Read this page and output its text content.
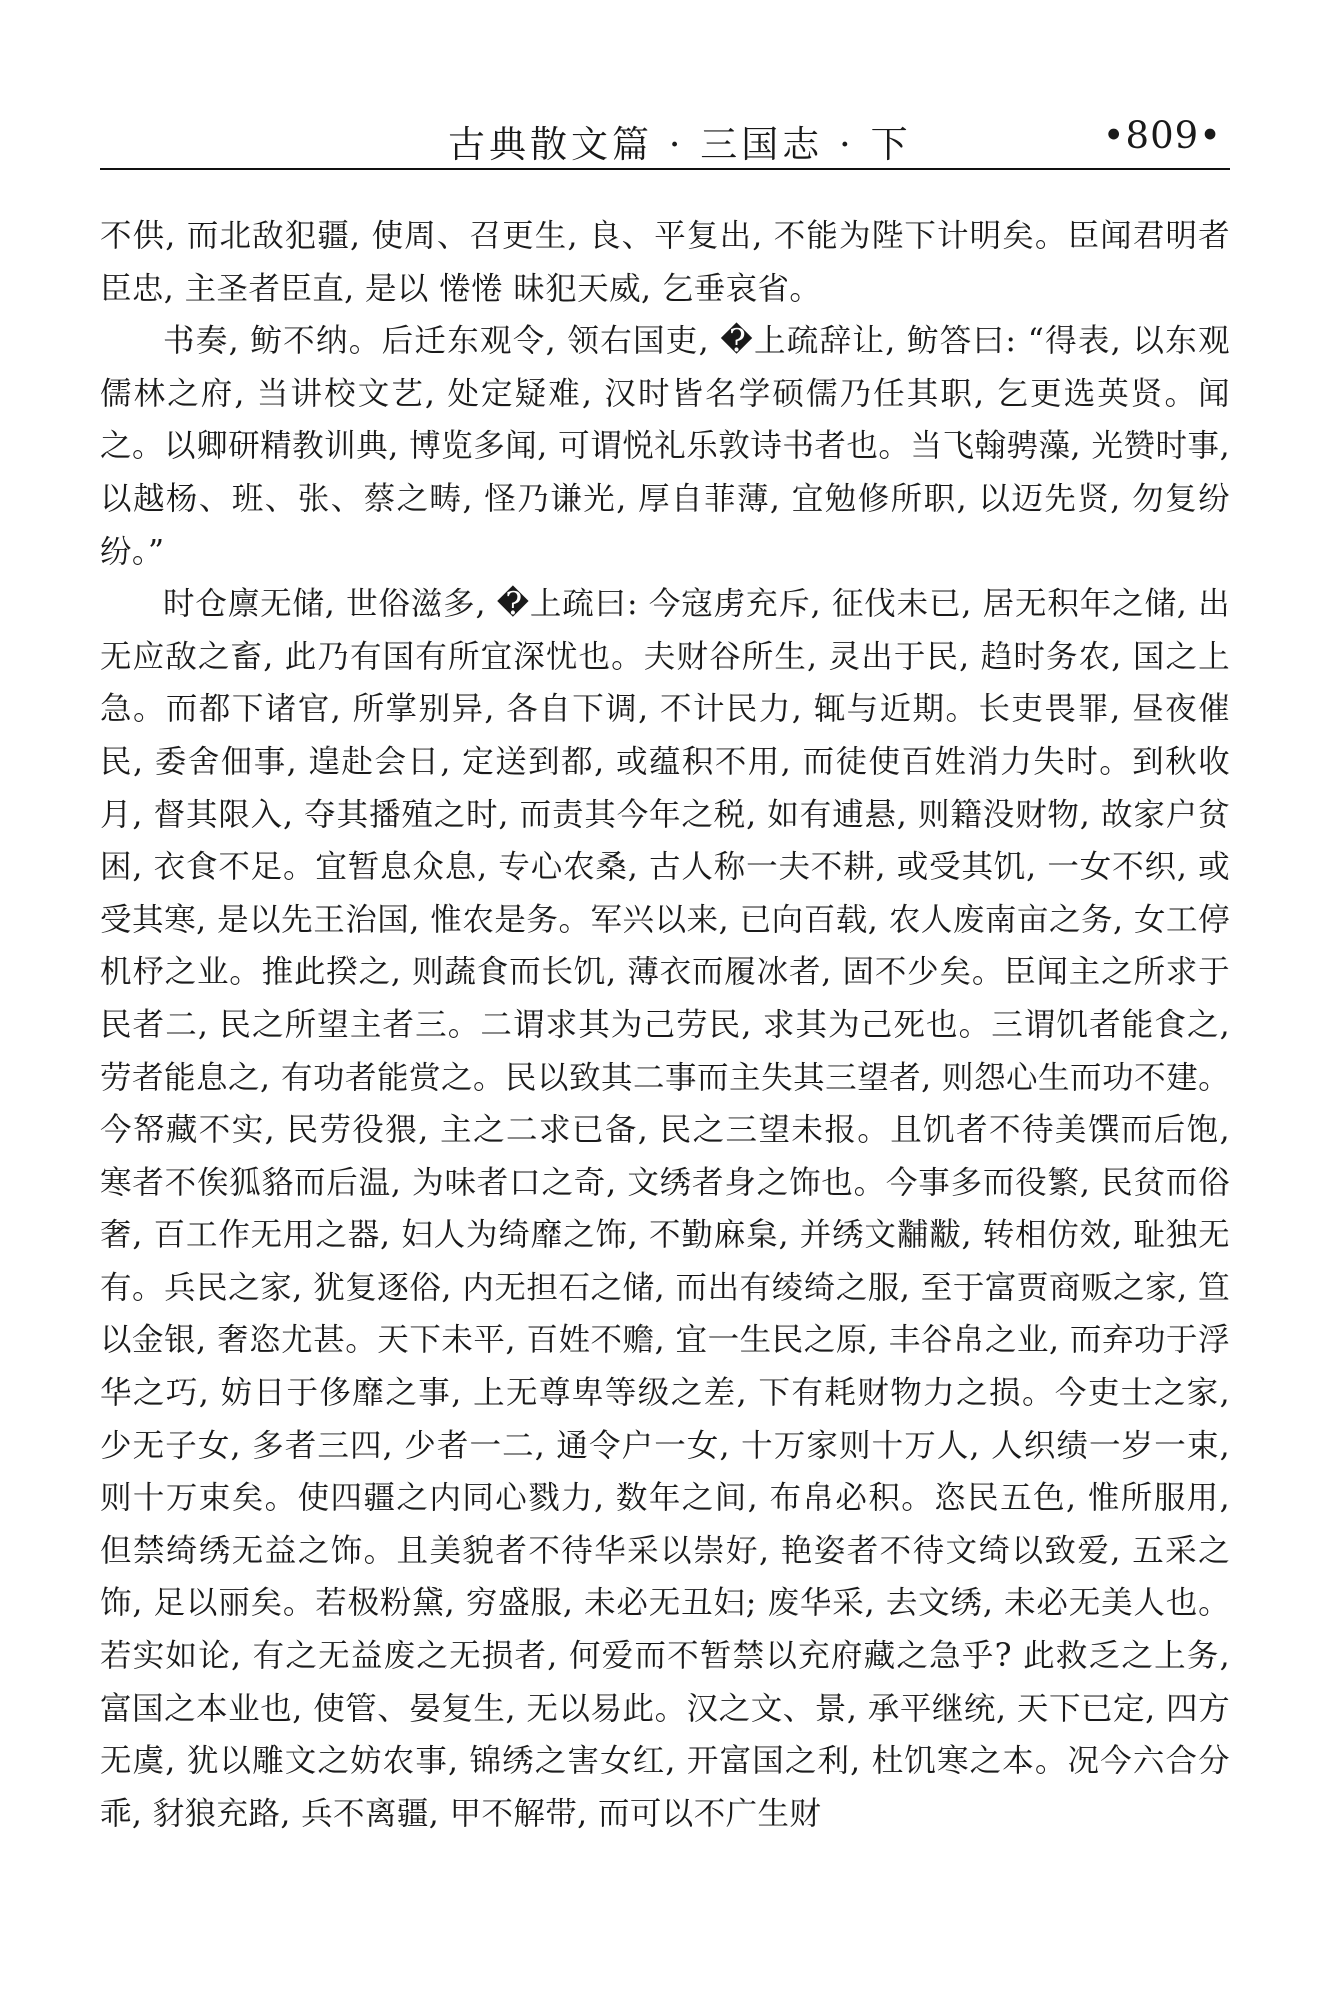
古典散文篇 · 三国志 · 下	•809•

不供, 而北敌犯疆, 使周、召更生, 良、平复出, 不能为陛下计明矣。臣闻君明者臣忠, 主圣者臣直, 是以 惓惓 昧犯天威, 乞垂哀省。

书奏, 鲂不纳。后迁东观令, 领右国吏, �上疏辞让, 鲂答曰: “得表, 以东观儒林之府, 当讲校文艺, 处定疑难, 汉时皆名学硕儒乃任其职, 乞更选英贤。闻之。以卿研精教训典, 博览多闻, 可谓悦礼乐敦诗书者也。当飞翰骋藻, 光赞时事, 以越杨、班、张、蔡之畴, 怪乃谦光, 厚自菲薄, 宜勉修所职, 以迈先贤, 勿复纷纷。”

时仓廪无储, 世俗滋多, �上疏曰: 今寇虏充斥, 征伐未已, 居无积年之储, 出无应敌之畜, 此乃有国有所宜深忧也。夫财谷所生, 灵出于民, 趋时务农, 国之上急。而都下诸官, 所掌别异, 各自下调, 不计民力, 辄与近期。长吏畏罪, 昼夜催民, 委舍佃事, 遑赴会日, 定送到都, 或蕴积不用, 而徒使百姓消力失时。到秋收月, 督其限入, 夺其播殖之时, 而责其今年之税, 如有逋悬, 则籍没财物, 故家户贫困, 衣食不足。宜暂息众息, 专心农桑, 古人称一夫不耕, 或受其饥, 一女不织, 或受其寒, 是以先王治国, 惟农是务。军兴以来, 已向百载, 农人废南亩之务, 女工停机杼之业。推此揆之, 则蔬食而长饥, 薄衣而履冰者, 固不少矣。臣闻主之所求于民者二, 民之所望主者三。二谓求其为己劳民, 求其为己死也。三谓饥者能食之, 劳者能息之, 有功者能赏之。民以致其二事而主失其三望者, 则怨心生而功不建。今帑藏不实, 民劳役猥, 主之二求已备, 民之三望未报。且饥者不待美馔而后饱, 寒者不俟狐貉而后温, 为味者口之奇, 文绣者身之饰也。今事多而役繁, 民贫而俗奢, 百工作无用之器, 妇人为绮靡之饰, 不勤麻枲, 并绣文黼黻, 转相仿效, 耻独无有。兵民之家, 犹复逐俗, 内无担石之储, 而出有绫绮之服, 至于富贾商贩之家, 笪以金银, 奢恣尤甚。天下未平, 百姓不赡, 宜一生民之原, 丰谷帛之业, 而弃功于浮华之巧, 妨日于侈靡之事, 上无尊卑等级之差, 下有耗财物力之损。今吏士之家, 少无子女, 多者三四, 少者一二, 通令户一女, 十万家则十万人, 人织绩一岁一束, 则十万束矣。使四疆之内同心戮力, 数年之间, 布帛必积。恣民五色, 惟所服用, 但禁绮绣无益之饰。且美貌者不待华采以崇好, 艳姿者不待文绮以致爱, 五采之饰, 足以丽矣。若极粉黛, 穷盛服, 未必无丑妇; 废华采, 去文绣, 未必无美人也。若实如论, 有之无益废之无损者, 何爱而不暂禁以充府藏之急乎? 此救乏之上务, 富国之本业也, 使管、晏复生, 无以易此。汉之文、景, 承平继统, 天下已定, 四方无虞, 犹以雕文之妨农事, 锦绣之害女红, 开富国之利, 杜饥寒之本。况今六合分乖, 豺狼充路, 兵不离疆, 甲不解带, 而可以不广生财
